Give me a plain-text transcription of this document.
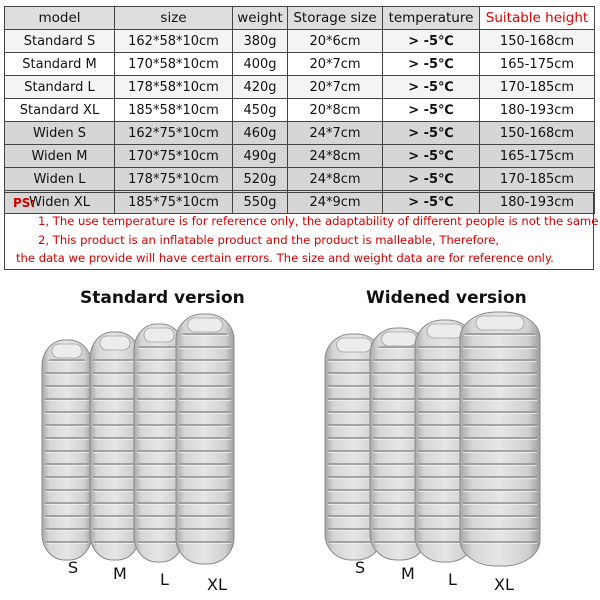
model	size	weight	Storage size	temperature	Suitable height
Standard S	162*58*10cm	380g	20*6cm	> -5℃	150-168cm
Standard M	170*58*10cm	400g	20*7cm	> -5℃	165-175cm
Standard L	178*58*10cm	420g	20*7cm	> -5℃	170-185cm
Standard XL	185*58*10cm	450g	20*8cm	> -5℃	180-193cm
Widen S	162*75*10cm	460g	24*7cm	> -5℃	150-168cm
Widen M	170*75*10cm	490g	24*8cm	> -5℃	165-175cm
Widen L	178*75*10cm	520g	24*8cm	> -5℃	170-185cm
Widen XL	185*75*10cm	550g	24*9cm	> -5℃	180-193cm
PS:
1, The use temperature is for reference only, the adaptability of different people is not the same
2, This product is an inflatable product and the product is malleable, Therefore,
the data we provide will have certain errors. The size and weight data are for reference only.
Standard version	Widened version
S M L XL
S M L XL
